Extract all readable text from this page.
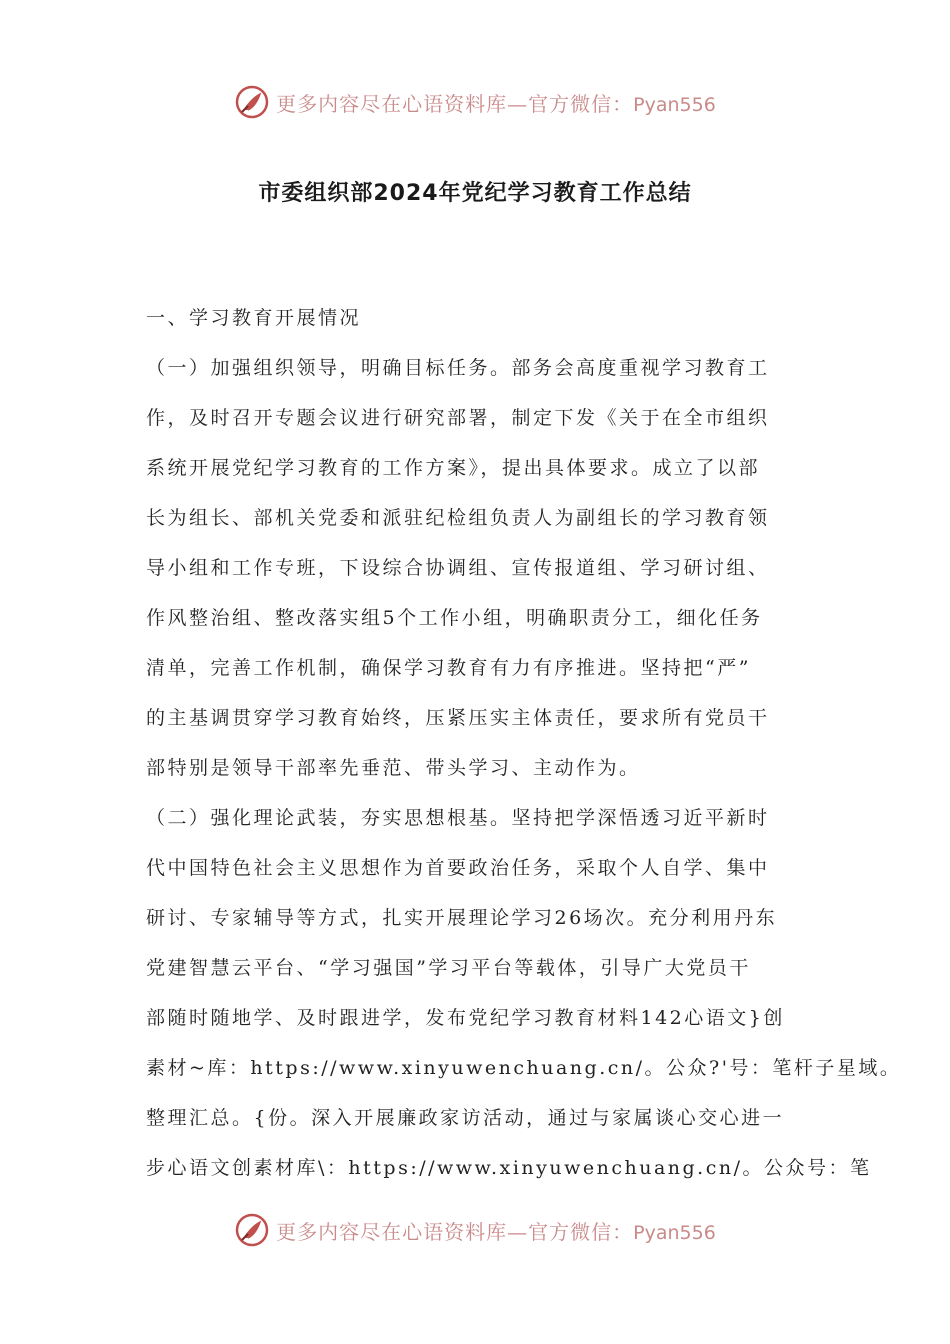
更多内容尽在心语资料库—官方微信：Pyan556
市委组织部2024年党纪学习教育工作总结
一、学习教育开展情况
（一）加强组织领导，明确目标任务。部务会高度重视学习教育工
作，及时召开专题会议进行研究部署，制定下发《关于在全市组织
系统开展党纪学习教育的工作方案》，提出具体要求。成立了以部
长为组长、部机关党委和派驻纪检组负责人为副组长的学习教育领
导小组和工作专班，下设综合协调组、宣传报道组、学习研讨组、
作风整治组、整改落实组5个工作小组，明确职责分工，细化任务
清单，完善工作机制，确保学习教育有力有序推进。坚持把“严”
的主基调贯穿学习教育始终，压紧压实主体责任，要求所有党员干
部特别是领导干部率先垂范、带头学习、主动作为。
（二）强化理论武装，夯实思想根基。坚持把学深悟透习近平新时
代中国特色社会主义思想作为首要政治任务，采取个人自学、集中
研讨、专家辅导等方式，扎实开展理论学习26场次。充分利用丹东
党建智慧云平台、“学习强国”学习平台等载体，引导广大党员干
部随时随地学、及时跟进学，发布党纪学习教育材料142心语文}创
素材~库：https://www.xinyuwenchuang.cn/。公众?'号：笔杆子星域。
整理汇总。{份。深入开展廉政家访活动，通过与家属谈心交心进一
步心语文创素材库\：https://www.xinyuwenchuang.cn/。公众号：笔
更多内容尽在心语资料库—官方微信：Pyan556
